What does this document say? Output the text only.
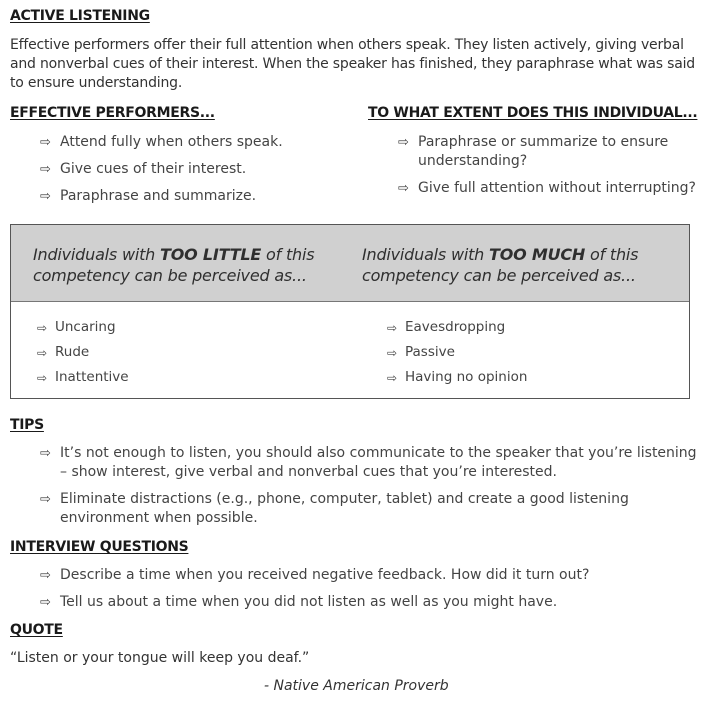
ACTIVE LISTENING

Effective performers offer their full attention when others speak. They listen actively, giving verbal and nonverbal cues of their interest. When the speaker has finished, they paraphrase what was said to ensure understanding.

EFFECTIVE PERFORMERS...
⇨
Attend fully when others speak.
⇨
Give cues of their interest.
⇨
Paraphrase and summarize.
TO WHAT EXTENT DOES THIS INDIVIDUAL...
⇨
Paraphrase or summarize to ensure understanding?
⇨
Give full attention without interrupting?
Individuals with TOO LITTLE of this competency can be perceived as...
Individuals with TOO MUCH of this competency can be perceived as...
⇨
Uncaring
⇨
Rude
⇨
Inattentive
⇨
Eavesdropping
⇨
Passive
⇨
Having no opinion
TIPS
⇨
It’s not enough to listen, you should also communicate to the speaker that you’re listening – show interest, give verbal and nonverbal cues that you’re interested.
⇨
Eliminate distractions (e.g., phone, computer, tablet) and create a good listening environment when possible.
INTERVIEW QUESTIONS
⇨
Describe a time when you received negative feedback. How did it turn out?
⇨
Tell us about a time when you did not listen as well as you might have.
QUOTE

“Listen or your tongue will keep you deaf.”

- Native American Proverb
